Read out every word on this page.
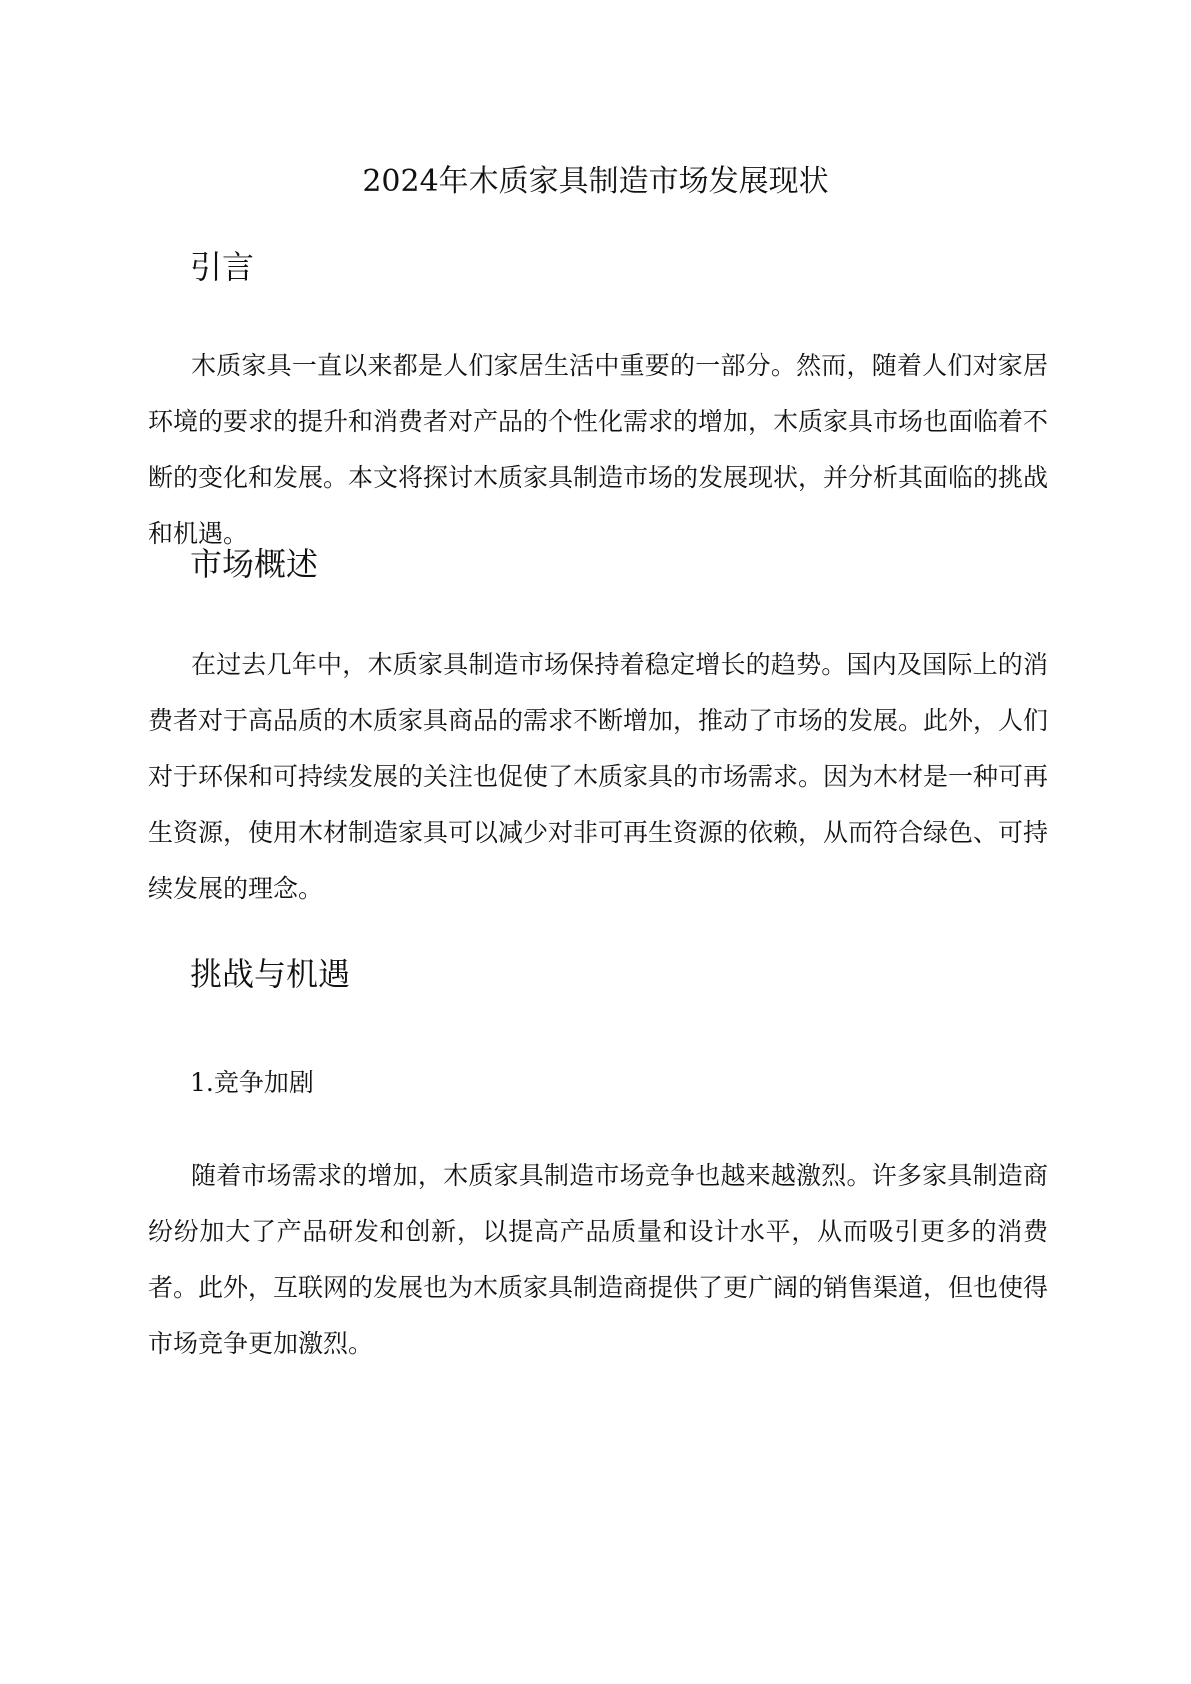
2024年木质家具制造市场发展现状
引言

木质家具一直以来都是人们家居生活中重要的一部分。然而，随着人们对家居环境的要求的提升和消费者对产品的个性化需求的增加，木质家具市场也面临着不断的变化和发展。本文将探讨木质家具制造市场的发展现状，并分析其面临的挑战和机遇。

市场概述

在过去几年中，木质家具制造市场保持着稳定增长的趋势。国内及国际上的消费者对于高品质的木质家具商品的需求不断增加，推动了市场的发展。此外，人们对于环保和可持续发展的关注也促使了木质家具的市场需求。因为木材是一种可再生资源，使用木材制造家具可以减少对非可再生资源的依赖，从而符合绿色、可持续发展的理念。

挑战与机遇
1.竞争加剧

随着市场需求的增加，木质家具制造市场竞争也越来越激烈。许多家具制造商纷纷加大了产品研发和创新，以提高产品质量和设计水平，从而吸引更多的消费者。此外，互联网的发展也为木质家具制造商提供了更广阔的销售渠道，但也使得市场竞争更加激烈。
